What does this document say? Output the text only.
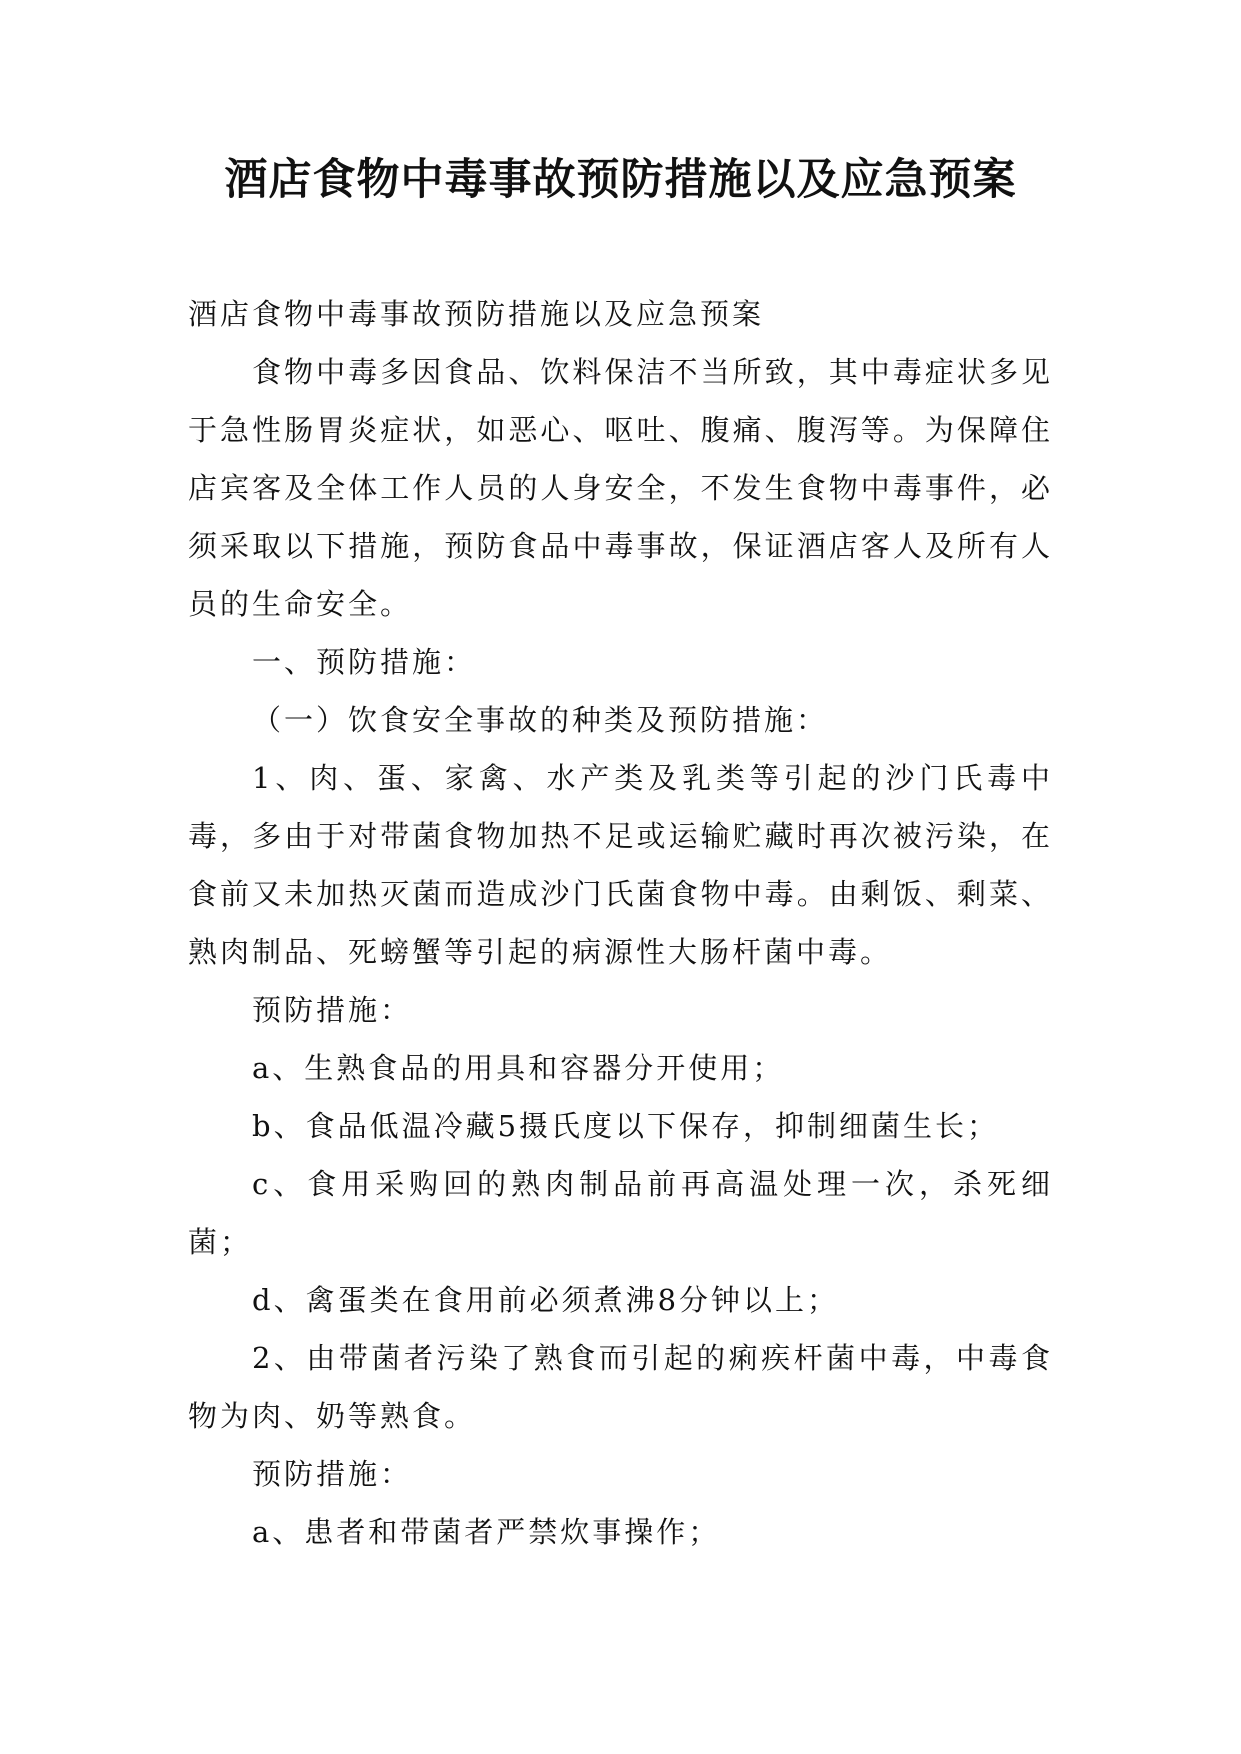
酒店食物中毒事故预防措施以及应急预案

酒店食物中毒事故预防措施以及应急预案

食物中毒多因食品、饮料保洁不当所致，其中毒症状多见于急性肠胃炎症状，如恶心、呕吐、腹痛、腹泻等。为保障住店宾客及全体工作人员的人身安全，不发生食物中毒事件，必须采取以下措施，预防食品中毒事故，保证酒店客人及所有人员的生命安全。

一、预防措施：

（一）饮食安全事故的种类及预防措施：

1、肉、蛋、家禽、水产类及乳类等引起的沙门氏毒中毒，多由于对带菌食物加热不足或运输贮藏时再次被污染，在食前又未加热灭菌而造成沙门氏菌食物中毒。由剩饭、剩菜、熟肉制品、死螃蟹等引起的病源性大肠杆菌中毒。

预防措施：

a、生熟食品的用具和容器分开使用；

b、食品低温冷藏5摄氏度以下保存，抑制细菌生长；

c、食用采购回的熟肉制品前再高温处理一次，杀死细菌；

d、禽蛋类在食用前必须煮沸8分钟以上；

2、由带菌者污染了熟食而引起的痢疾杆菌中毒，中毒食物为肉、奶等熟食。

预防措施：

a、患者和带菌者严禁炊事操作；
